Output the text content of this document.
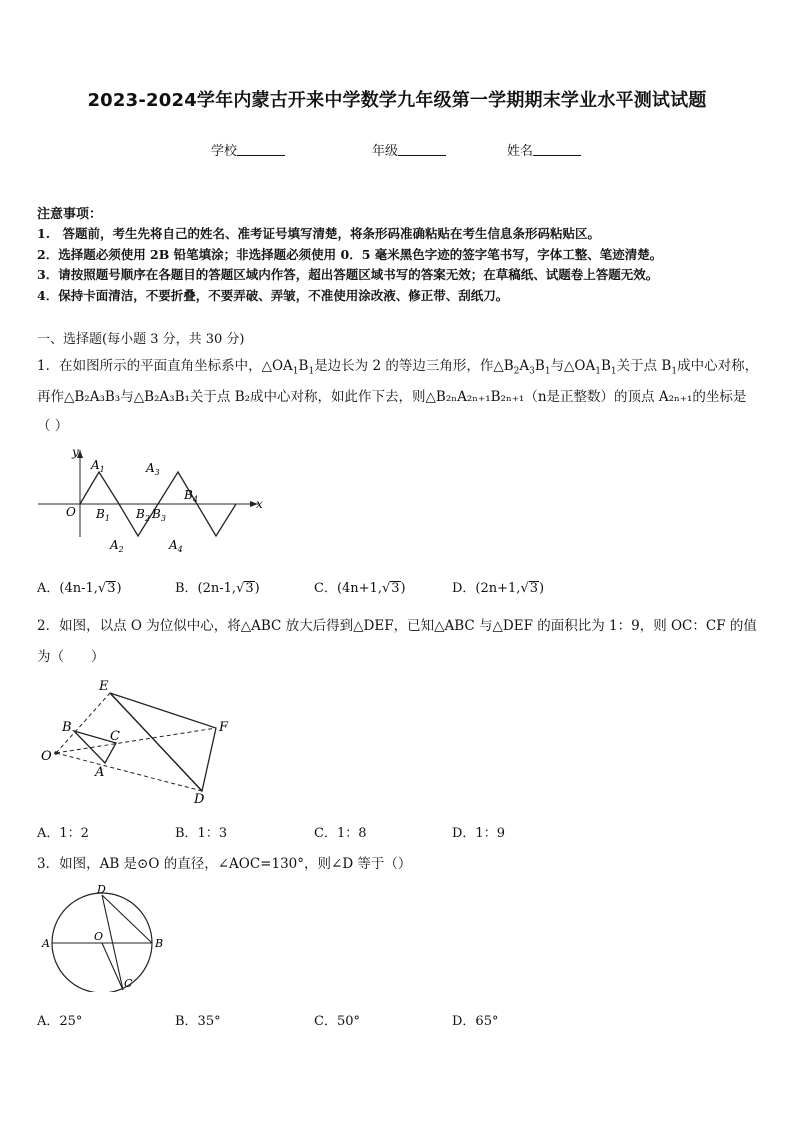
2023-2024学年内蒙古开来中学数学九年级第一学期期末学业水平测试试题
学校	年级	姓名
注意事项：
1.　答题前，考生先将自己的姓名、准考证号填写清楚，将条形码准确粘贴在考生信息条形码粘贴区。
2．选择题必须使用 2B 铅笔填涂；非选择题必须使用 0．5 毫米黑色字迹的签字笔书写，字体工整、笔迹清楚。
3．请按照题号顺序在各题目的答题区域内作答，超出答题区域书写的答案无效；在草稿纸、试题卷上答题无效。
4．保持卡面清洁，不要折叠，不要弄破、弄皱，不准使用涂改液、修正带、刮纸刀。
一、选择题(每小题 3 分，共 30 分)
1．在如图所示的平面直角坐标系中，$\triangle OA_1B_1$是边长为 2 的等边三角形，作$\triangle B_2A_3B_1$与$\triangle OA_1B_1$关于点 $B_1$成中心对称，
再作△B₂A₃B₃与△B₂A₃B₁关于点 B₂成中心对称，如此作下去，则△B₂ₙA₂ₙ₊₁B₂ₙ₊₁（n是正整数）的顶点 A₂ₙ₊₁的坐标是
（ ）
y
x
O
$A_1$	$A_3$
$A_2$	$A_4$
$B_1$ $B_2$ $B_3$
$B_4$
A．(4n-1,√3)	B．(2n-1,√3)	C．(4n+1,√3)	D．(2n+1,√3)
2．如图，以点 O 为位似中心，将△ABC 放大后得到△DEF，已知△ABC 与△DEF 的面积比为 1：9，则 OC：CF 的值
为（　　）
E
B
C
F
O
A
D
A．1：2	B．1：3	C．1：8	D．1：9
3．如图，AB 是⊙O 的直径，∠AOC=130°，则∠D 等于（）
D
A
O
B
C
A．25°	B．35°	C．50°	D．65°
